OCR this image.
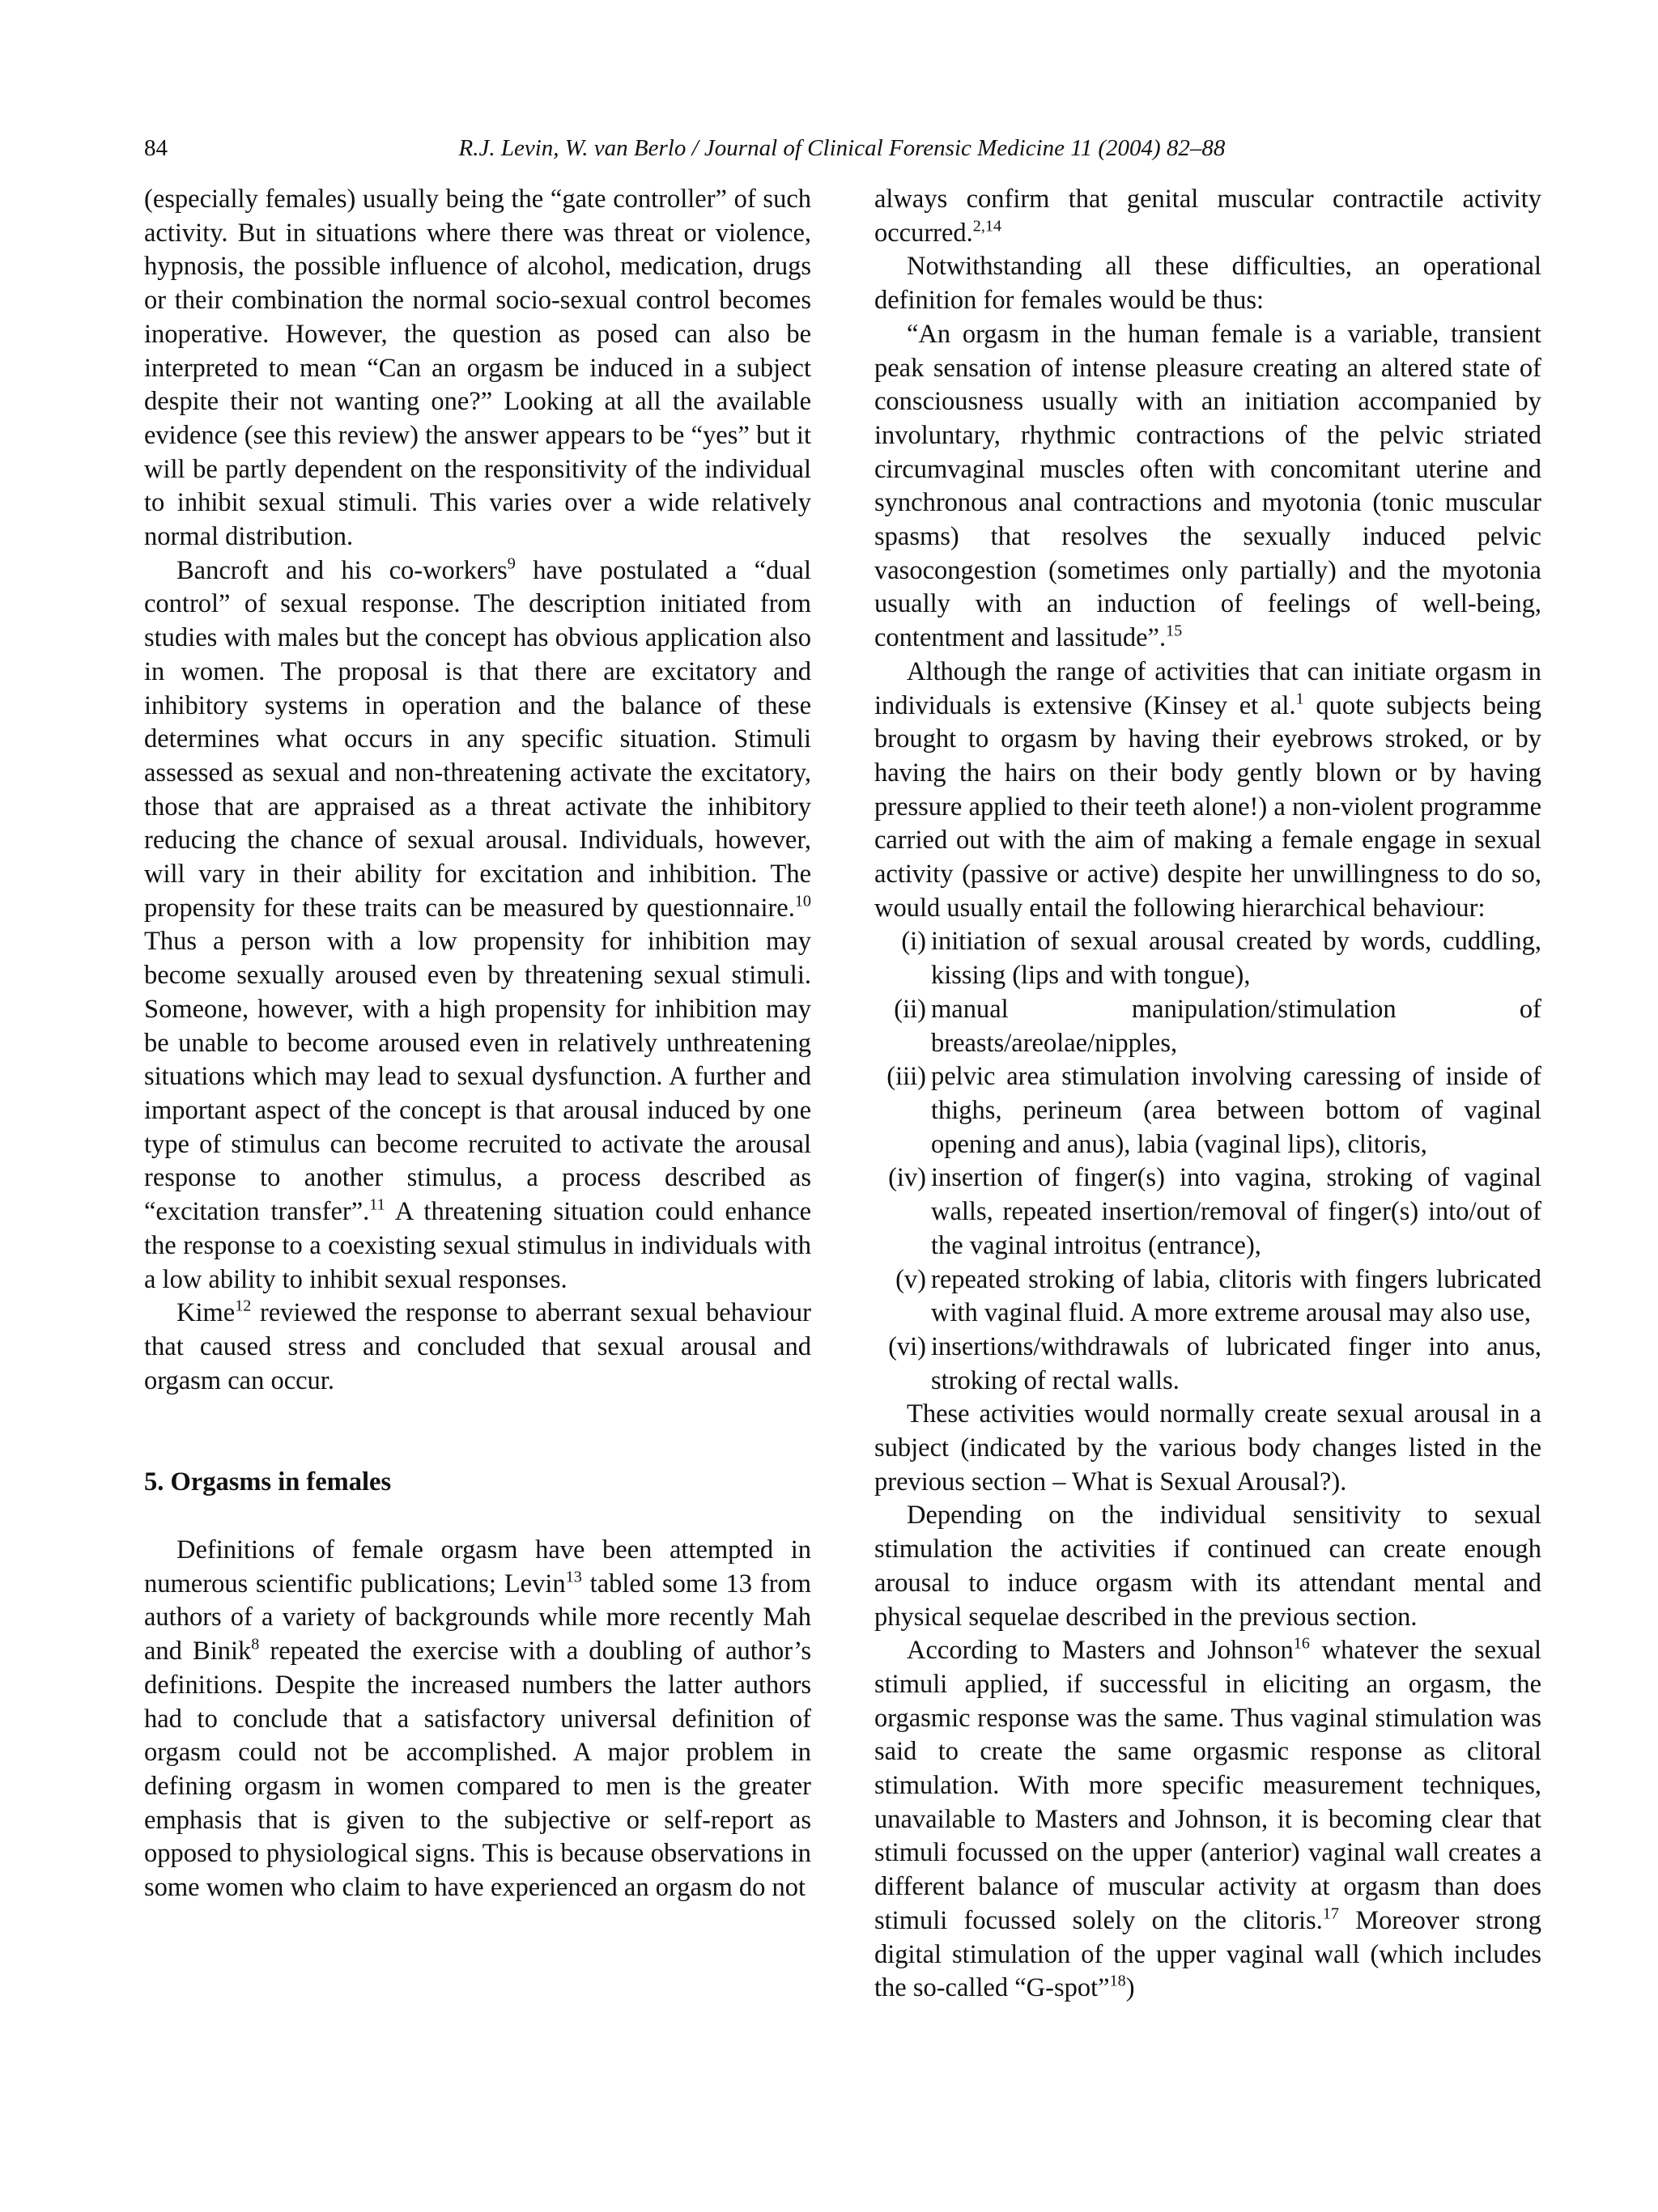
84	R.J. Levin, W. van Berlo / Journal of Clinical Forensic Medicine 11 (2004) 82–88

(especially females) usually being the “gate controller” of such activity. But in situations where there was threat or violence, hypnosis, the possible influence of alcohol, medication, drugs or their combination the normal socio-sexual control becomes inoperative. However, the question as posed can also be interpreted to mean “Can an orgasm be induced in a subject despite their not wanting one?” Looking at all the available evidence (see this review) the answer appears to be “yes” but it will be partly dependent on the responsitivity of the individual to inhibit sexual stimuli. This varies over a wide relatively normal distribution.

Bancroft and his co-workers$^9$ have postulated a “dual control” of sexual response. The description initiated from studies with males but the concept has obvious application also in women. The proposal is that there are excitatory and inhibitory systems in operation and the balance of these determines what occurs in any specific situation. Stimuli assessed as sexual and non-threatening activate the excitatory, those that are appraised as a threat activate the inhibitory reducing the chance of sexual arousal. Individuals, however, will vary in their ability for excitation and inhibition. The propensity for these traits can be measured by questionnaire.$^{10}$ Thus a person with a low propensity for inhibition may become sexually aroused even by threatening sexual stimuli. Someone, however, with a high propensity for inhibition may be unable to become aroused even in relatively unthreatening situations which may lead to sexual dysfunction. A further and important aspect of the concept is that arousal induced by one type of stimulus can become recruited to activate the arousal response to another stimulus, a process described as “excitation transfer”.$^{11}$ A threatening situation could enhance the response to a coexisting sexual stimulus in individuals with a low ability to inhibit sexual responses.

Kime$^{12}$ reviewed the response to aberrant sexual behaviour that caused stress and concluded that sexual arousal and orgasm can occur.

5. Orgasms in females

Definitions of female orgasm have been attempted in numerous scientific publications; Levin$^{13}$ tabled some 13 from authors of a variety of backgrounds while more recently Mah and Binik$^8$ repeated the exercise with a doubling of author’s definitions. Despite the increased numbers the latter authors had to conclude that a satisfactory universal definition of orgasm could not be accomplished. A major problem in defining orgasm in women compared to men is the greater emphasis that is given to the subjective or self-report as opposed to physiological signs. This is because observations in some women who claim to have experienced an orgasm do not

always confirm that genital muscular contractile activity occurred.$^{2,14}$

Notwithstanding all these difficulties, an operational definition for females would be thus:

“An orgasm in the human female is a variable, transient peak sensation of intense pleasure creating an altered state of consciousness usually with an initiation accompanied by involuntary, rhythmic contractions of the pelvic striated circumvaginal muscles often with concomitant uterine and synchronous anal contractions and myotonia (tonic muscular spasms) that resolves the sexually induced pelvic vasocongestion (sometimes only partially) and the myotonia usually with an induction of feelings of well-being, contentment and lassitude”.$^{15}$

Although the range of activities that can initiate orgasm in individuals is extensive (Kinsey et al.$^1$ quote subjects being brought to orgasm by having their eyebrows stroked, or by having the hairs on their body gently blown or by having pressure applied to their teeth alone!) a non-violent programme carried out with the aim of making a female engage in sexual activity (passive or active) despite her unwillingness to do so, would usually entail the following hierarchical behaviour:

(i) initiation of sexual arousal created by words, cuddling, kissing (lips and with tongue),
(ii) manual manipulation/stimulation of breasts/areolae/nipples,
(iii) pelvic area stimulation involving caressing of inside of thighs, perineum (area between bottom of vaginal opening and anus), labia (vaginal lips), clitoris,
(iv) insertion of finger(s) into vagina, stroking of vaginal walls, repeated insertion/removal of finger(s) into/out of the vaginal introitus (entrance),
(v) repeated stroking of labia, clitoris with fingers lubricated with vaginal fluid. A more extreme arousal may also use,
(vi) insertions/withdrawals of lubricated finger into anus, stroking of rectal walls.

These activities would normally create sexual arousal in a subject (indicated by the various body changes listed in the previous section – What is Sexual Arousal?).

Depending on the individual sensitivity to sexual stimulation the activities if continued can create enough arousal to induce orgasm with its attendant mental and physical sequelae described in the previous section.

According to Masters and Johnson$^{16}$ whatever the sexual stimuli applied, if successful in eliciting an orgasm, the orgasmic response was the same. Thus vaginal stimulation was said to create the same orgasmic response as clitoral stimulation. With more specific measurement techniques, unavailable to Masters and Johnson, it is becoming clear that stimuli focussed on the upper (anterior) vaginal wall creates a different balance of muscular activity at orgasm than does stimuli focussed solely on the clitoris.$^{17}$ Moreover strong digital stimulation of the upper vaginal wall (which includes the so-called “G-spot”$^{18}$)
